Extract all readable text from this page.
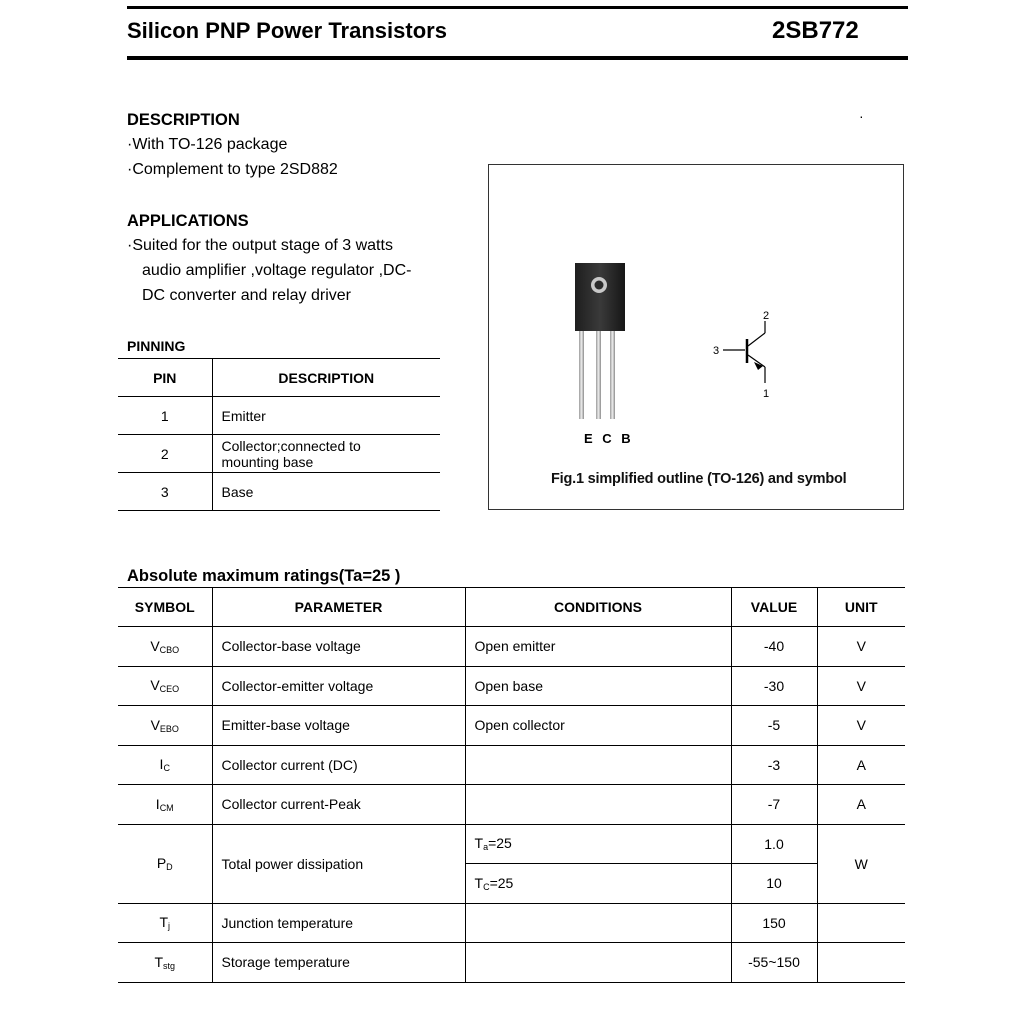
Silicon PNP Power Transistors	2SB772
DESCRIPTION
·With TO-126 package
·Complement to type 2SD882
APPLICATIONS
·Suited for the output stage of 3 watts
audio amplifier ,voltage regulator ,DC-
DC converter and relay driver
·
PINNING
PIN	DESCRIPTION
1	Emitter
2	Collector;connected to
mounting base

3	Base
E C B
2
3
1
Fig.1 simplified outline (TO-126) and symbol
Absolute maximum ratings(Ta=25 )
SYMBOL	PARAMETER	CONDITIONS	VALUE	UNIT
$V_{CBO}$	Collector-base voltage	Open emitter	-40	V
$V_{CEO}$	Collector-emitter voltage	Open base	-30	V
$V_{EBO}$	Emitter-base voltage	Open collector	-5	V
$I_C$	Collector current (DC)		-3	A
$I_{CM}$	Collector current-Peak		-7	A
$P_D$	Total power dissipation	$T_a=25$	1.0	W
		$T_C=25$	10	
$T_j$	Junction temperature		150	
$T_{stg}$	Storage temperature		-55~150	
